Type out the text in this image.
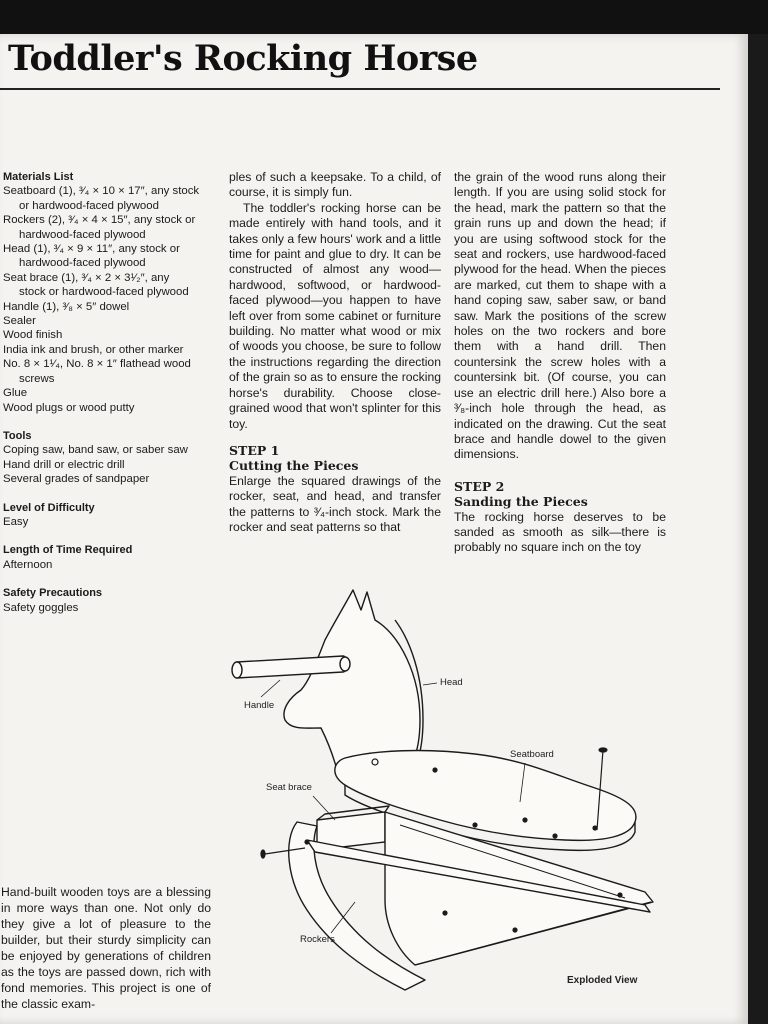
Toddler's Rocking Horse
Materials List
Seatboard (1), ³⁄₄ × 10 × 17″, any stock
or hardwood-faced plywood
Rockers (2), ³⁄₄ × 4 × 15″, any stock or
hardwood-faced plywood
Head (1), ³⁄₄ × 9 × 11″, any stock or
hardwood-faced plywood
Seat brace (1), ³⁄₄ × 2 × 3¹⁄₂″, any
stock or hardwood-faced plywood
Handle (1), ³⁄₈ × 5″ dowel
Sealer
Wood finish
India ink and brush, or other marker
No. 8 × 1¹⁄₄, No. 8 × 1″ flathead wood
screws
Glue
Wood plugs or wood putty
Tools
Coping saw, band saw, or saber saw
Hand drill or electric drill
Several grades of sandpaper
Level of Difficulty
Easy
Length of Time Required
Afternoon
Safety Precautions
Safety goggles

ples of such a keepsake. To a child, of course, it is simply fun.

The toddler's rocking horse can be made entirely with hand tools, and it takes only a few hours' work and a little time for paint and glue to dry. It can be constructed of almost any wood—hardwood, softwood, or hardwood-faced plywood—you happen to have left over from some cabinet or furniture building. No matter what wood or mix of woods you choose, be sure to follow the instructions regarding the direction of the grain so as to ensure the rocking horse's durability. Choose close-grained wood that won't splinter for this toy.

STEP 1
Cutting the Pieces

Enlarge the squared drawings of the rocker, seat, and head, and transfer the patterns to ³⁄₄-inch stock. Mark the rocker and seat patterns so that

the grain of the wood runs along their length. If you are using solid stock for the head, mark the pattern so that the grain runs up and down the head; if you are using softwood stock for the seat and rockers, use hardwood-faced plywood for the head. When the pieces are marked, cut them to shape with a hand coping saw, saber saw, or band saw. Mark the positions of the screw holes on the two rockers and bore them with a hand drill. Then countersink the screw holes with a countersink bit. (Of course, you can use an electric drill here.) Also bore a ³⁄₈-inch hole through the head, as indicated on the drawing. Cut the seat brace and handle dowel to the given dimensions.

STEP 2
Sanding the Pieces

The rocking horse deserves to be sanded as smooth as silk—there is probably no square inch on the toy

Hand-built wooden toys are a blessing in more ways than one. Not only do they give a lot of pleasure to the builder, but their sturdy simplicity can be enjoyed by generations of children as the toys are passed down, rich with fond memories. This project is one of the classic exam-
Head
Handle
Seatboard
Seat brace
Rockers
Exploded View
